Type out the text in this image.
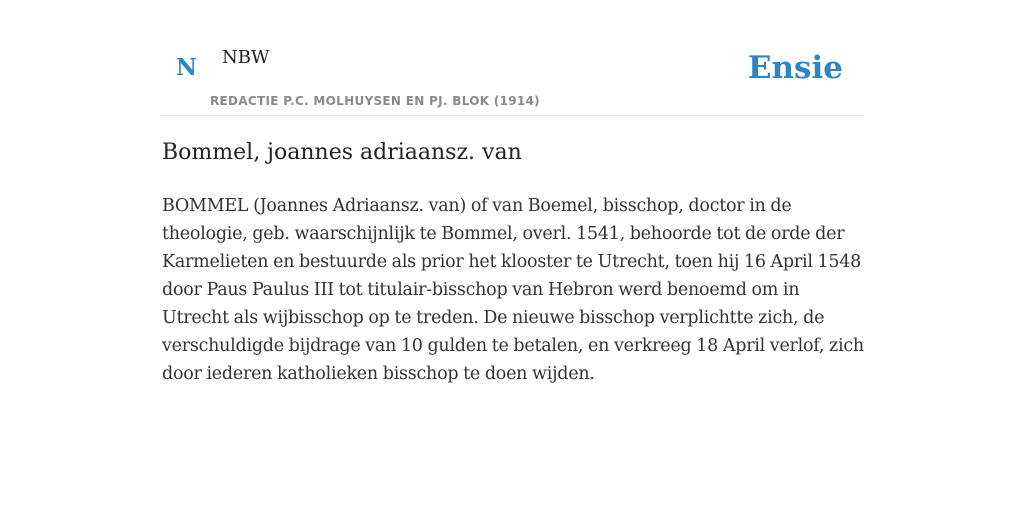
N NBW
REDACTIE P.C. MOLHUYSEN EN PJ. BLOK (1914)
Ensie
Bommel, joannes adriaansz. van

BOMMEL (Joannes Adriaansz. van) of van Boemel, bisschop, doctor in de theologie, geb. waarschijnlijk te Bommel, overl. 1541, behoorde tot de orde der Karmelieten en bestuurde als prior het klooster te Utrecht, toen hij 16 April 1548 door Paus Paulus III tot titulair-bisschop van Hebron werd benoemd om in Utrecht als wijbisschop op te treden. De nieuwe bisschop verplichtte zich, de verschuldigde bijdrage van 10 gulden te betalen, en verkreeg 18 April verlof, zich door iederen katholieken bisschop te doen wijden.
